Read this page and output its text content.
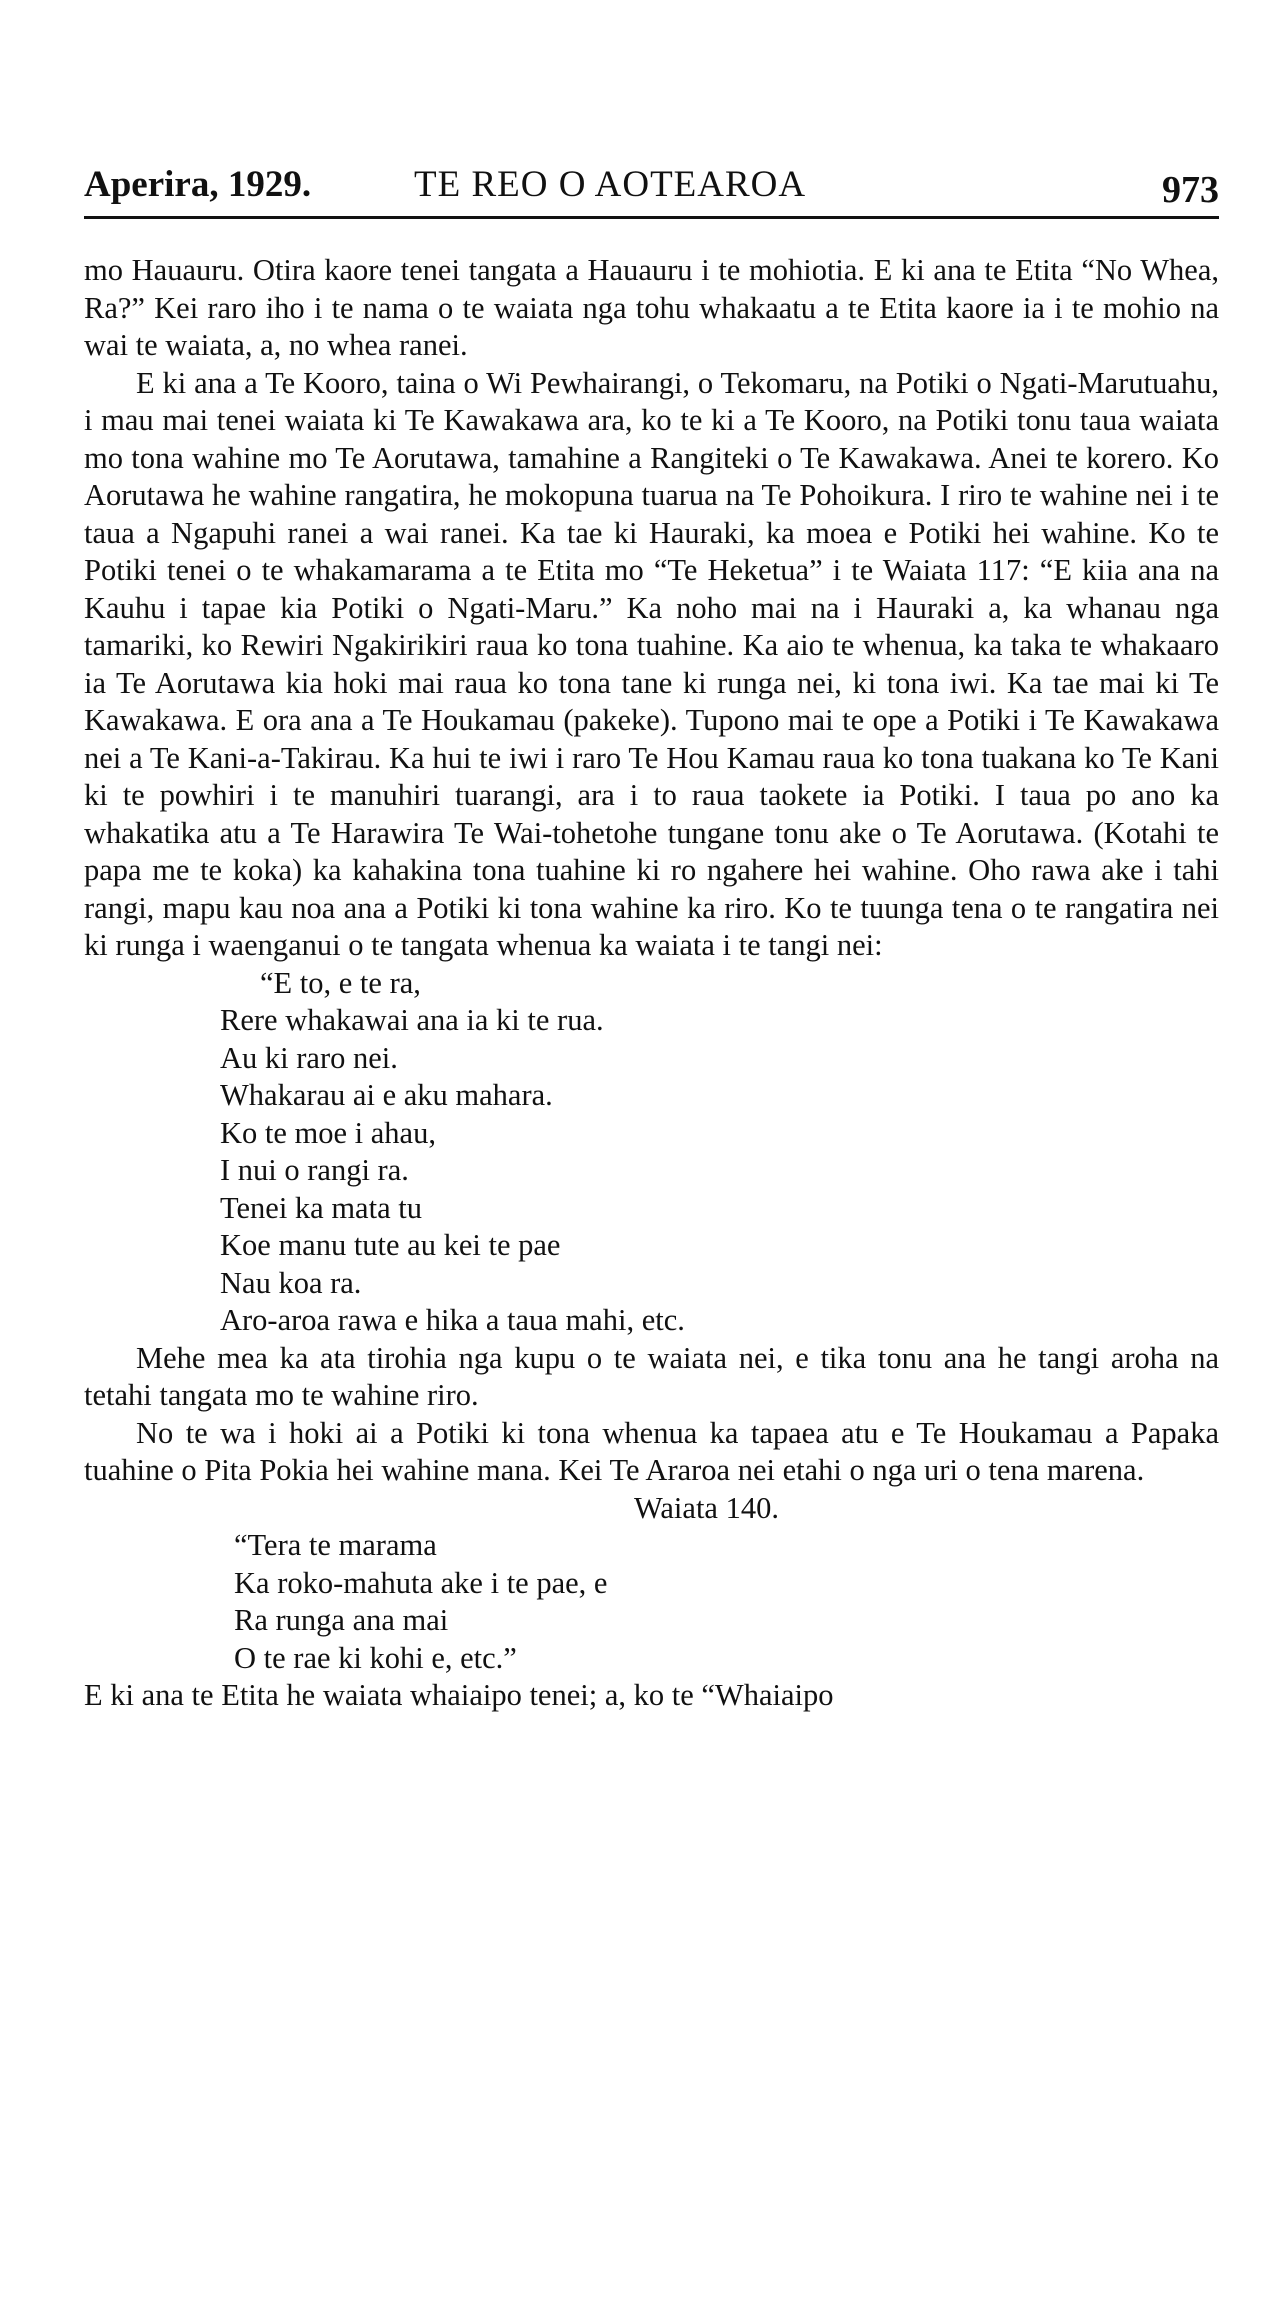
Aperira, 1929.	TE REO O AOTEAROA	973

mo Hauauru. Otira kaore tenei tangata a Hauauru i te mohiotia. E ki ana te Etita “No Whea, Ra?” Kei raro iho i te nama o te waiata nga tohu whakaatu a te Etita kaore ia i te mohio na wai te waiata, a, no whea ranei.

E ki ana a Te Kooro, taina o Wi Pewhairangi, o Tekomaru, na Potiki o Ngati-Marutuahu, i mau mai tenei waiata ki Te Kawakawa ara, ko te ki a Te Kooro, na Potiki tonu taua waiata mo tona wahine mo Te Aorutawa, tamahine a Rangiteki o Te Kawakawa. Anei te korero. Ko Aorutawa he wahine rangatira, he mokopuna tuarua na Te Pohoikura. I riro te wahine nei i te taua a Ngapuhi ranei a wai ranei. Ka tae ki Hauraki, ka moea e Potiki hei wahine. Ko te Potiki tenei o te whakamarama a te Etita mo “Te Heketua” i te Waiata 117: “E kiia ana na Kauhu i tapae kia Potiki o Ngati-Maru.” Ka noho mai na i Hauraki a, ka whanau nga tamariki, ko Rewiri Ngakirikiri raua ko tona tuahine. Ka aio te whenua, ka taka te whakaaro ia Te Aorutawa kia hoki mai raua ko tona tane ki runga nei, ki tona iwi. Ka tae mai ki Te Kawakawa. E ora ana a Te Houkamau (pakeke). Tupono mai te ope a Potiki i Te Kawakawa nei a Te Kani-a-Takirau. Ka hui te iwi i raro Te Hou Kamau raua ko tona tuakana ko Te Kani ki te powhiri i te manuhiri tuarangi, ara i to raua taokete ia Potiki. I taua po ano ka whakatika atu a Te Harawira Te Wai-tohetohe tungane tonu ake o Te Aorutawa. (Kotahi te papa me te koka) ka kahakina tona tuahine ki ro ngahere hei wahine. Oho rawa ake i tahi rangi, mapu kau noa ana a Potiki ki tona wahine ka riro. Ko te tuunga tena o te rangatira nei ki runga i waenganui o te tangata whenua ka waiata i te tangi nei:

“E to, e te ra,
Rere whakawai ana ia ki te rua.
Au ki raro nei.
Whakarau ai e aku mahara.
Ko te moe i ahau,
I nui o rangi ra.
Tenei ka mata tu
Koe manu tute au kei te pae
Nau koa ra.
Aro-aroa rawa e hika a taua mahi, etc.

Mehe mea ka ata tirohia nga kupu o te waiata nei, e tika tonu ana he tangi aroha na tetahi tangata mo te wahine riro.

No te wa i hoki ai a Potiki ki tona whenua ka tapaea atu e Te Houkamau a Papaka tuahine o Pita Pokia hei wahine mana. Kei Te Araroa nei etahi o nga uri o tena marena.

Waiata 140.
“Tera te marama
Ka roko-mahuta ake i te pae, e
Ra runga ana mai
O te rae ki kohi e, etc.”

E ki ana te Etita he waiata whaiaipo tenei; a, ko te “Whaiaipo
